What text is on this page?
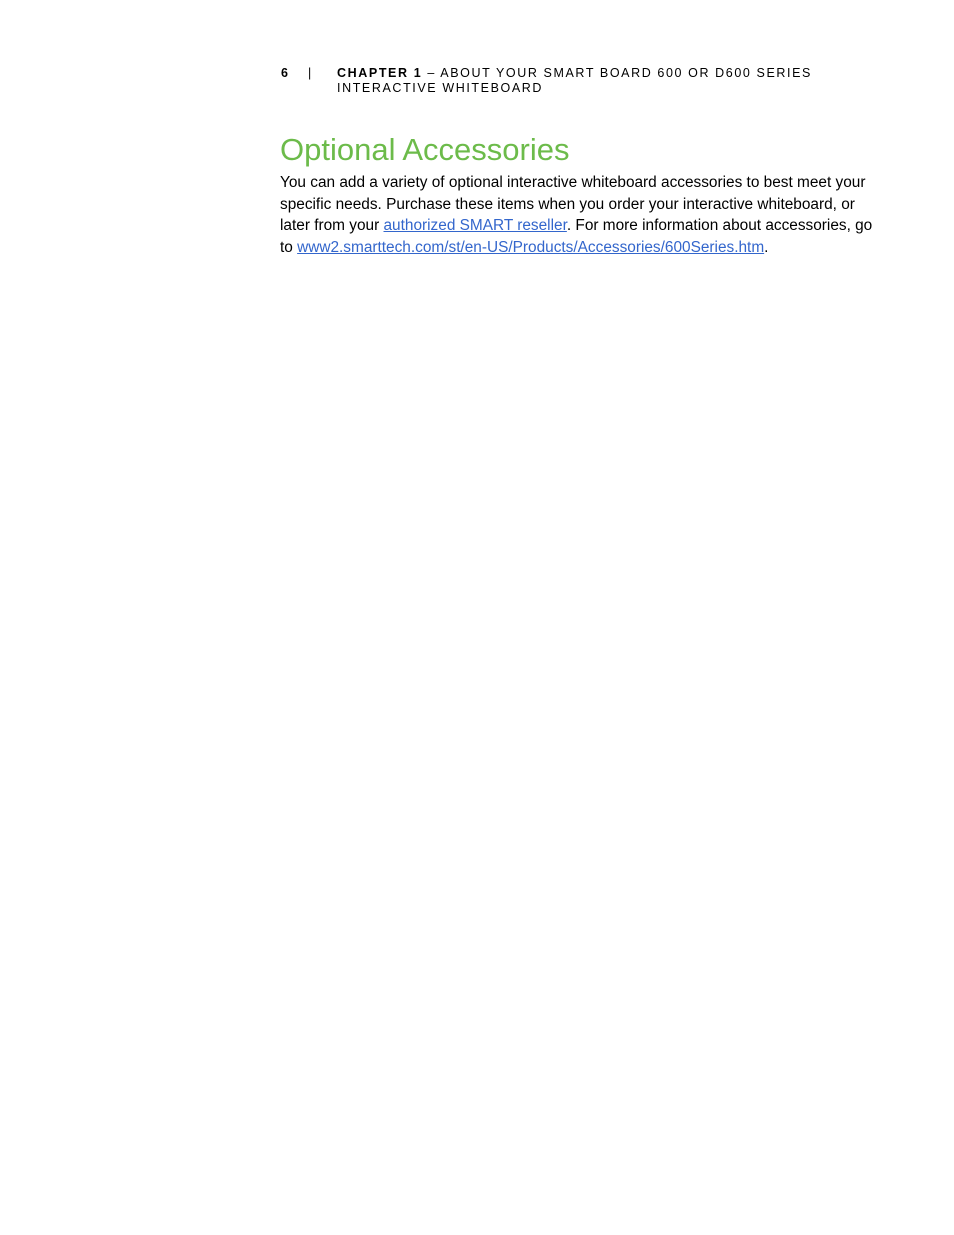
6 | CHAPTER 1 – ABOUT YOUR SMART BOARD 600 OR D600 SERIES INTERACTIVE WHITEBOARD
Optional Accessories

You can add a variety of optional interactive whiteboard accessories to best meet your specific needs. Purchase these items when you order your interactive whiteboard, or later from your authorized SMART reseller. For more information about accessories, go to www2.smarttech.com/st/en-US/Products/Accessories/600Series.htm.
